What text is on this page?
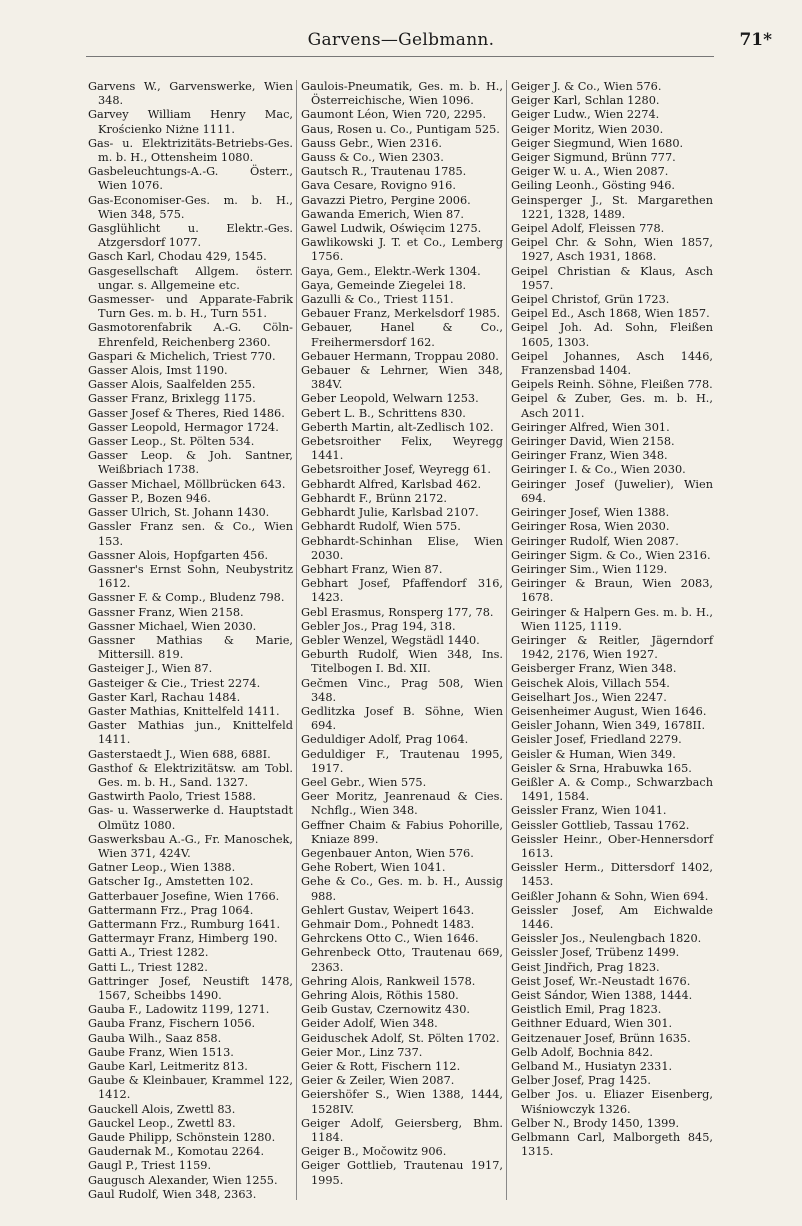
Garvens—Gelbmann.	71*
Garvens W., Garvenswerke, Wien 348.
Garvey William Henry Mac, Krościenko Niżne 1111.
Gas- u. Elektrizitäts-Betriebs-Ges. m. b. H., Ottensheim 1080.
Gasbeleuchtungs-A.-G. Österr., Wien 1076.
Gas-Economiser-Ges. m. b. H., Wien 348, 575.
Gasglühlicht u. Elektr.-Ges. Atzgersdorf 1077.
Gasch Karl, Chodau 429, 1545.
Gasgesellschaft Allgem. österr. ungar. s. Allgemeine etc.
Gasmesser- und Apparate-Fabrik Turn Ges. m. b. H., Turn 551.
Gasmotorenfabrik A.-G. Cöln-Ehrenfeld, Reichenberg 2360.
Gaspari & Michelich, Triest 770.
Gasser Alois, Imst 1190.
Gasser Alois, Saalfelden 255.
Gasser Franz, Brixlegg 1175.
Gasser Josef & Theres, Ried 1486.
Gasser Leopold, Hermagor 1724.
Gasser Leop., St. Pölten 534.
Gasser Leop. & Joh. Santner, Weißbriach 1738.
Gasser Michael, Möllbrücken 643.
Gasser P., Bozen 946.
Gasser Ulrich, St. Johann 1430.
Gassler Franz sen. & Co., Wien 153.
Gassner Alois, Hopfgarten 456.
Gassner's Ernst Sohn, Neubystritz 1612.
Gassner F. & Comp., Bludenz 798.
Gassner Franz, Wien 2158.
Gassner Michael, Wien 2030.
Gassner Mathias & Marie, Mittersill. 819.
Gasteiger J., Wien 87.
Gasteiger & Cie., Triest 2274.
Gaster Karl, Rachau 1484.
Gaster Mathias, Knittelfeld 1411.
Gaster Mathias jun., Knittelfeld 1411.
Gasterstaedt J., Wien 688, 688I.
Gasthof & Elektrizitätsw. am Tobl. Ges. m. b. H., Sand. 1327.
Gastwirth Paolo, Triest 1588.
Gas- u. Wasserwerke d. Hauptstadt Olmütz 1080.
Gaswerksbau A.-G., Fr. Manoschek, Wien 371, 424V.
Gatner Leop., Wien 1388.
Gatscher Ig., Amstetten 102.
Gatterbauer Josefine, Wien 1766.
Gattermann Frz., Prag 1064.
Gattermann Frz., Rumburg 1641.
Gattermayr Franz, Himberg 190.
Gatti A., Triest 1282.
Gatti L., Triest 1282.
Gattringer Josef, Neustift 1478, 1567, Scheibbs 1490.
Gauba F., Ladowitz 1199, 1271.
Gauba Franz, Fischern 1056.
Gauba Wilh., Saaz 858.
Gaube Franz, Wien 1513.
Gaube Karl, Leitmeritz 813.
Gaube & Kleinbauer, Krammel 122, 1412.
Gauckell Alois, Zwettl 83.
Gauckel Leop., Zwettl 83.
Gaude Philipp, Schönstein 1280.
Gaudernak M., Komotau 2264.
Gaugl P., Triest 1159.
Gaugusch Alexander, Wien 1255.
Gaul Rudolf, Wien 348, 2363.
Gaulois-Pneumatik, Ges. m. b. H., Österreichische, Wien 1096.
Gaumont Léon, Wien 720, 2295.
Gaus, Rosen u. Co., Puntigam 525.
Gauss Gebr., Wien 2316.
Gauss & Co., Wien 2303.
Gautsch R., Trautenau 1785.
Gava Cesare, Rovigno 916.
Gavazzi Pietro, Pergine 2006.
Gawanda Emerich, Wien 87.
Gawel Ludwik, Oświęcim 1275.
Gawlikowski J. T. et Co., Lemberg 1756.
Gaya, Gem., Elektr.-Werk 1304.
Gaya, Gemeinde Ziegelei 18.
Gazulli & Co., Triest 1151.
Gebauer Franz, Merkelsdorf 1985.
Gebauer, Hanel & Co., Freihermersdorf 162.
Gebauer Hermann, Troppau 2080.
Gebauer & Lehrner, Wien 348, 384V.
Geber Leopold, Welwarn 1253.
Gebert L. B., Schrittens 830.
Geberth Martin, alt-Zedlisch 102.
Gebetsroither Felix, Weyregg 1441.
Gebetsroither Josef, Weyregg 61.
Gebhardt Alfred, Karlsbad 462.
Gebhardt F., Brünn 2172.
Gebhardt Julie, Karlsbad 2107.
Gebhardt Rudolf, Wien 575.
Gebhardt-Schinhan Elise, Wien 2030.
Gebhart Franz, Wien 87.
Gebhart Josef, Pfaffendorf 316, 1423.
Gebl Erasmus, Ronsperg 177, 78.
Gebler Jos., Prag 194, 318.
Gebler Wenzel, Wegstädl 1440.
Geburth Rudolf, Wien 348, Ins. Titelbogen I. Bd. XII.
Gečmen Vinc., Prag 508, Wien 348.
Gedlitzka Josef B. Söhne, Wien 694.
Geduldiger Adolf, Prag 1064.
Geduldiger F., Trautenau 1995, 1917.
Geel Gebr., Wien 575.
Geer Moritz, Jeanrenaud & Cies. Nchflg., Wien 348.
Geffner Chaim & Fabius Pohorille, Kniaze 899.
Gegenbauer Anton, Wien 576.
Gehe Robert, Wien 1041.
Gehe & Co., Ges. m. b. H., Aussig 988.
Gehlert Gustav, Weipert 1643.
Gehmair Dom., Pohnedt 1483.
Gehrckens Otto C., Wien 1646.
Gehrenbeck Otto, Trautenau 669, 2363.
Gehring Alois, Rankweil 1578.
Gehring Alois, Röthis 1580.
Geib Gustav, Czernowitz 430.
Geider Adolf, Wien 348.
Geiduschek Adolf, St. Pölten 1702.
Geier Mor., Linz 737.
Geier & Rott, Fischern 112.
Geier & Zeiler, Wien 2087.
Geiershöfer S., Wien 1388, 1444, 1528IV.
Geiger Adolf, Geiersberg, Bhm. 1184.
Geiger B., Močowitz 906.
Geiger Gottlieb, Trautenau 1917, 1995.
Geiger J. & Co., Wien 576.
Geiger Karl, Schlan 1280.
Geiger Ludw., Wien 2274.
Geiger Moritz, Wien 2030.
Geiger Siegmund, Wien 1680.
Geiger Sigmund, Brünn 777.
Geiger W. u. A., Wien 2087.
Geiling Leonh., Gösting 946.
Geinsperger J., St. Margarethen 1221, 1328, 1489.
Geipel Adolf, Fleissen 778.
Geipel Chr. & Sohn, Wien 1857, 1927, Asch 1931, 1868.
Geipel Christian & Klaus, Asch 1957.
Geipel Christof, Grün 1723.
Geipel Ed., Asch 1868, Wien 1857.
Geipel Joh. Ad. Sohn, Fleißen 1605, 1303.
Geipel Johannes, Asch 1446, Franzensbad 1404.
Geipels Reinh. Söhne, Fleißen 778.
Geipel & Zuber, Ges. m. b. H., Asch 2011.
Geiringer Alfred, Wien 301.
Geiringer David, Wien 2158.
Geiringer Franz, Wien 348.
Geiringer I. & Co., Wien 2030.
Geiringer Josef (Juwelier), Wien 694.
Geiringer Josef, Wien 1388.
Geiringer Rosa, Wien 2030.
Geiringer Rudolf, Wien 2087.
Geiringer Sigm. & Co., Wien 2316.
Geiringer Sim., Wien 1129.
Geiringer & Braun, Wien 2083, 1678.
Geiringer & Halpern Ges. m. b. H., Wien 1125, 1119.
Geiringer & Reitler, Jägerndorf 1942, 2176, Wien 1927.
Geisberger Franz, Wien 348.
Geischek Alois, Villach 554.
Geiselhart Jos., Wien 2247.
Geisenheimer August, Wien 1646.
Geisler Johann, Wien 349, 1678II.
Geisler Josef, Friedland 2279.
Geisler & Human, Wien 349.
Geisler & Srna, Hrabuwka 165.
Geißler A. & Comp., Schwarzbach 1491, 1584.
Geissler Franz, Wien 1041.
Geissler Gottlieb, Tassau 1762.
Geissler Heinr., Ober-Hennersdorf 1613.
Geissler Herm., Dittersdorf 1402, 1453.
Geißler Johann & Sohn, Wien 694.
Geissler Josef, Am Eichwalde 1446.
Geissler Jos., Neulengbach 1820.
Geissler Josef, Trübenz 1499.
Geist Jindřich, Prag 1823.
Geist Josef, Wr.-Neustadt 1676.
Geist Sándor, Wien 1388, 1444.
Geistlich Emil, Prag 1823.
Geithner Eduard, Wien 301.
Geitzenauer Josef, Brünn 1635.
Gelb Adolf, Bochnia 842.
Gelband M., Husiatyn 2331.
Gelber Josef, Prag 1425.
Gelber Jos. u. Eliazer Eisenberg, Wiśniowczyk 1326.
Gelber N., Brody 1450, 1399.
Gelbmann Carl, Malborgeth 845, 1315.
